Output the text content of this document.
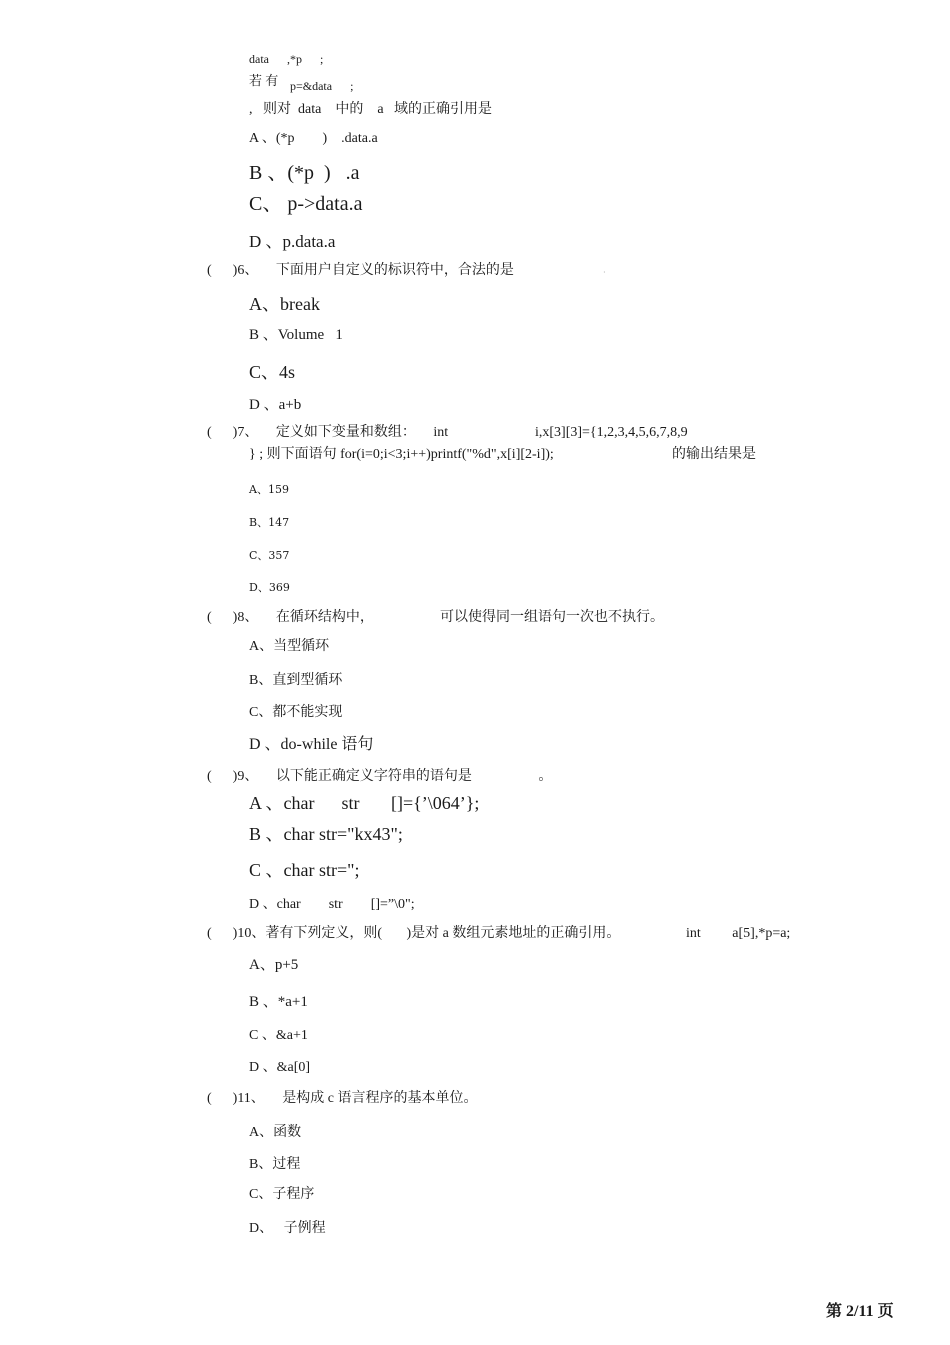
data      ,*p      ;
若 有 p=&data      ;
,   则对  data    中的    a   域的正确引用是
A 、(*p        )    .data.a
B 、(*p  )   .a
C、 p->data.a
D 、p.data.a
(      )6、     下面用户自定义的标识符中，合法的是	·
A、break
B 、Volume   1
C、4s
D 、a+b
(      )7、     定义如下变量和数组：     int	i,x[3][3]={1,2,3,4,5,6,7,8,9
} ; 则下面语句 for(i=0;i<3;i++)printf("%d",x[i][2-i]);	的输出结果是
A、159
B、147
C、357
D、369
(      )8、     在循环结构中，	可以使得同一组语句一次也不执行。
A、当型循环
B、直到型循环
C、都不能实现
D 、do-while 语句
(      )9、     以下能正确定义字符串的语句是                   。
A 、char      str       []={’\064’};
B 、char str="kx43";
C 、char str=";
D 、char        str        []=”\0";
(      )10、著有下列定义，则(       )是对 a 数组元素地址的正确引用。	int         a[5],*p=a;
A、p+5
B 、*a+1
C 、&a+1
D 、&a[0]
(      )11、     是构成 c 语言程序的基本单位。
A、函数
B、过程
C、子程序
D、   子例程
第 2/11 页
